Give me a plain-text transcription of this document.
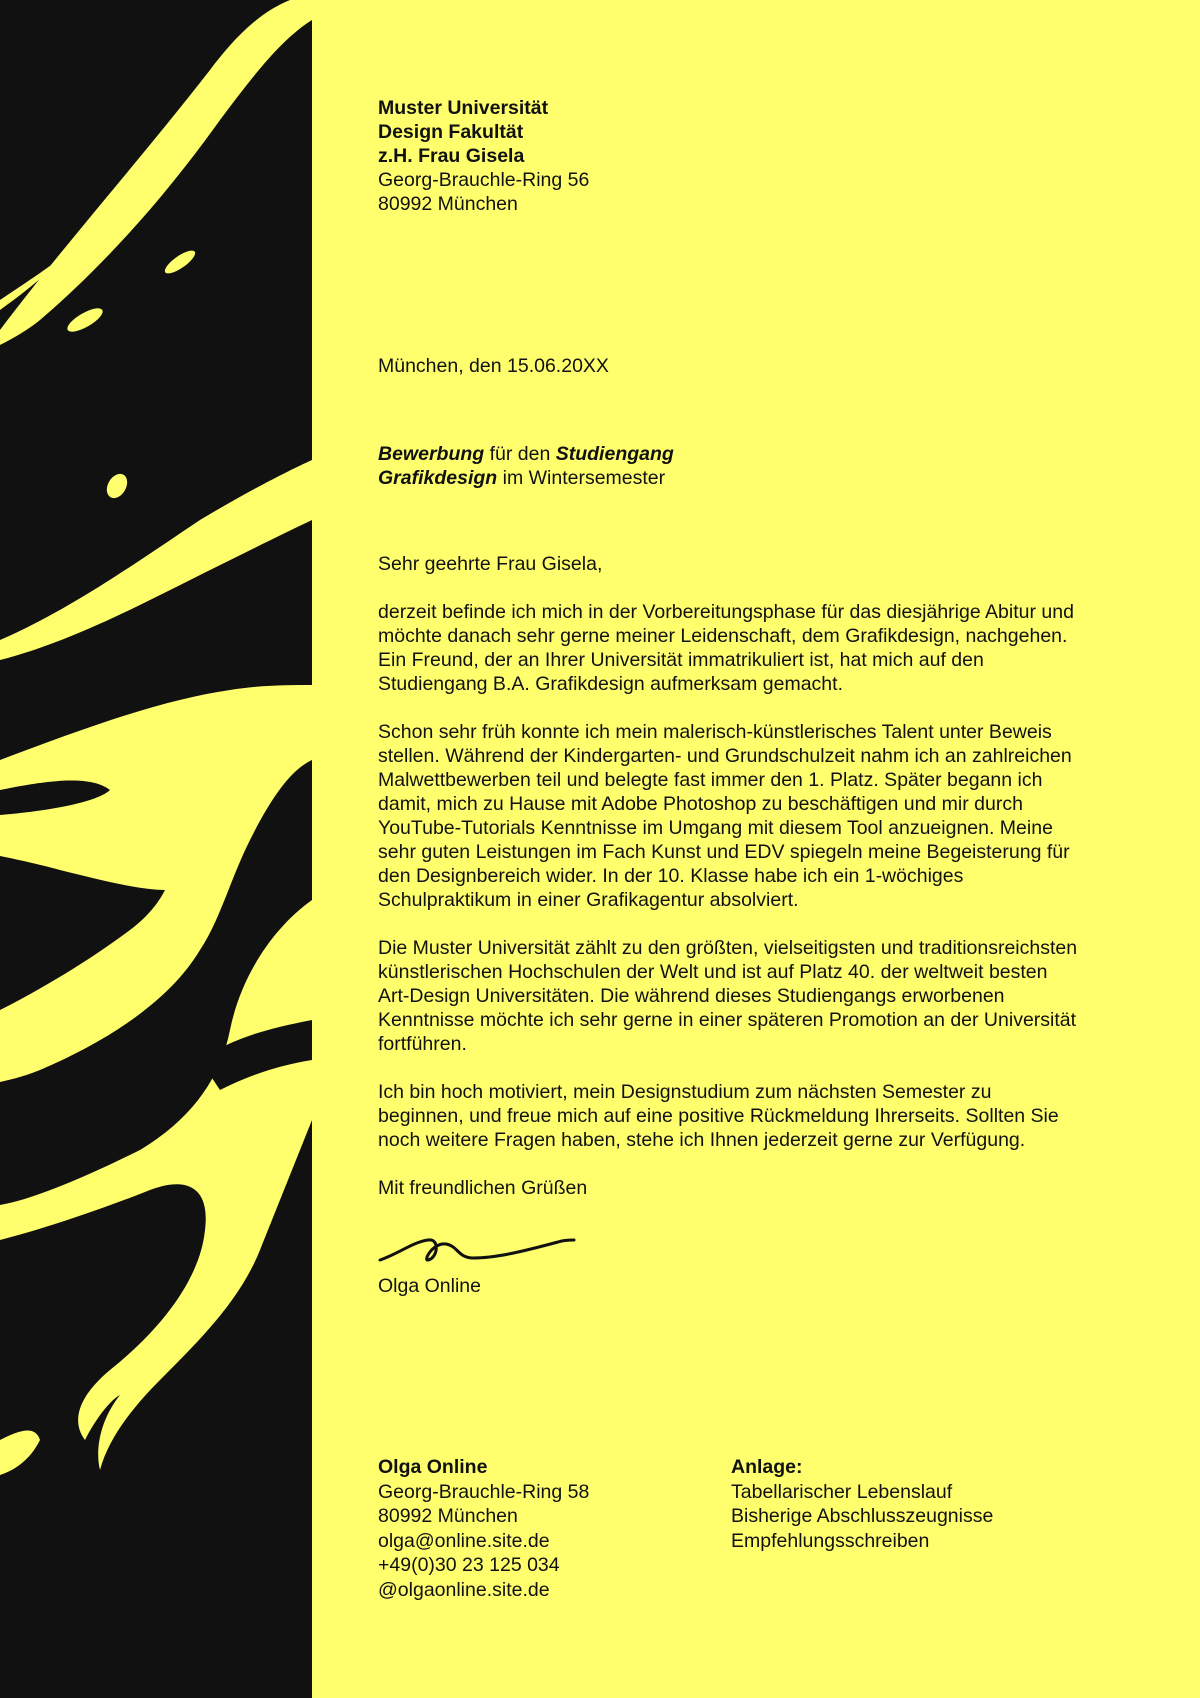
Muster Universität
Design Fakultät
z.H. Frau Gisela
Georg-Brauchle-Ring 56
80992 München
München, den 15.06.20XX
Bewerbung für den Studiengang
Grafikdesign im Wintersemester
Sehr geehrte Frau Gisela,

derzeit befinde ich mich in der Vorbereitungsphase für das diesjährige Abitur und möchte danach sehr gerne meiner Leidenschaft, dem Grafikdesign, nachgehen. Ein Freund, der an Ihrer Universität immatrikuliert ist, hat mich auf den Studiengang B.A. Grafikdesign aufmerksam gemacht.

Schon sehr früh konnte ich mein malerisch-künstlerisches Talent unter Beweis stellen. Während der Kindergarten- und Grundschulzeit nahm ich an zahlreichen Malwettbewerben teil und belegte fast immer den 1. Platz. Später begann ich damit, mich zu Hause mit Adobe Photoshop zu beschäftigen und mir durch YouTube-Tutorials Kenntnisse im Umgang mit diesem Tool anzueignen. Meine sehr guten Leistungen im Fach Kunst und EDV spiegeln meine Begeisterung für den Designbereich wider. In der 10. Klasse habe ich ein 1-wöchiges Schulpraktikum in einer Grafikagentur absolviert.

Die Muster Universität zählt zu den größten, vielseitigsten und traditionsreichsten künstlerischen Hochschulen der Welt und ist auf Platz 40. der weltweit besten Art-Design Universitäten. Die während dieses Studiengangs erworbenen Kenntnisse möchte ich sehr gerne in einer späteren Promotion an der Universität fortführen.

Ich bin hoch motiviert, mein Designstudium zum nächsten Semester zu beginnen, und freue mich auf eine positive Rückmeldung Ihrerseits. Sollten Sie noch weitere Fragen haben, stehe ich Ihnen jederzeit gerne zur Verfügung.

Mit freundlichen Grüßen
Olga Online
Olga Online
Georg-Brauchle-Ring 58
80992 München
olga@online.site.de
+49(0)30 23 125 034
@olgaonline.site.de
Anlage:
Tabellarischer Lebenslauf
Bisherige Abschlusszeugnisse
Empfehlungsschreiben
